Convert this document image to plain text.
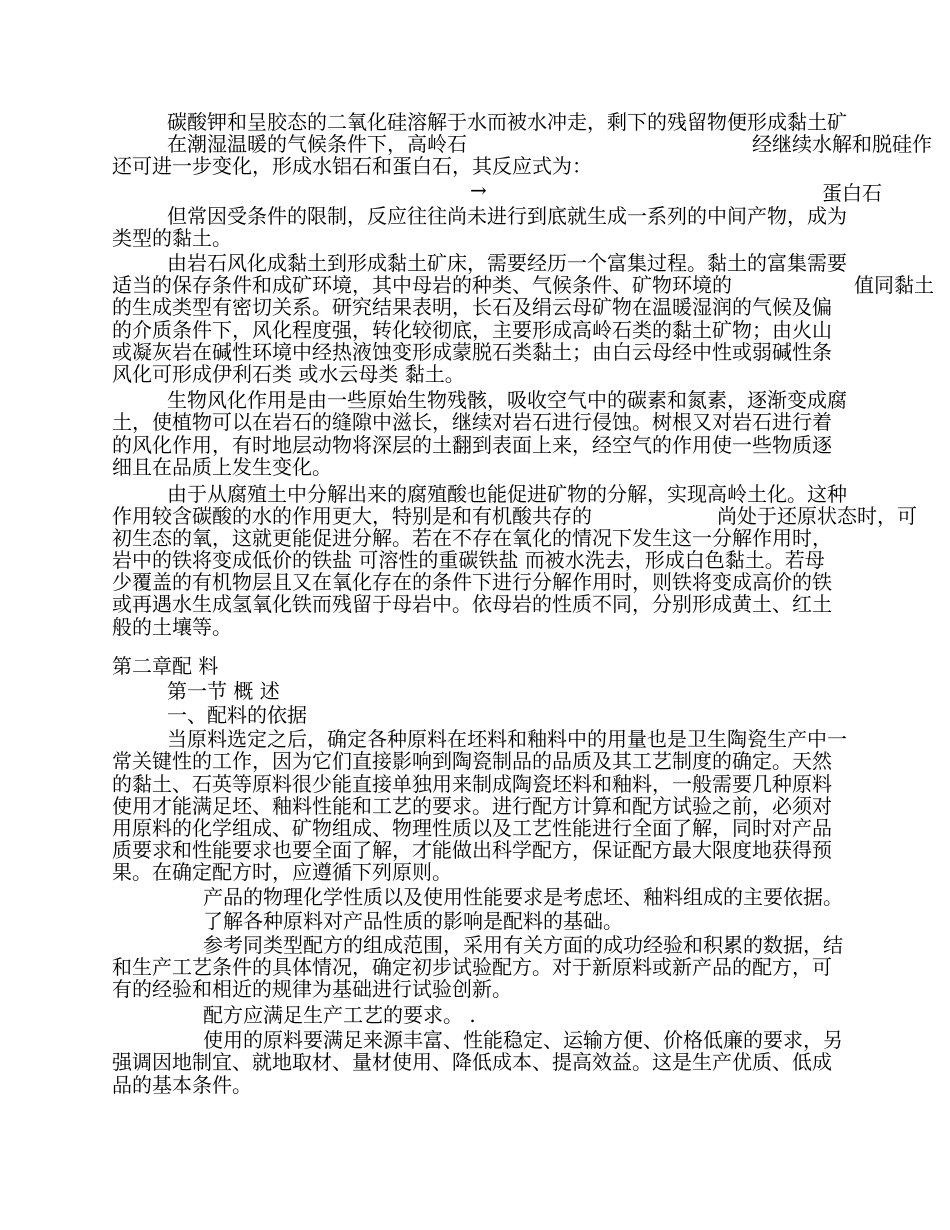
碳酸钾和呈胶态的二氧化硅溶解于水而被水冲走，剩下的残留物便形成黏土矿
在潮湿温暖的气候条件下，高岭石	经继续水解和脱硅作
还可进一步变化，形成水铝石和蛋白石，其反应式为：
→	蛋白石
但常因受条件的限制，反应往往尚未进行到底就生成一系列的中间产物，成为
类型的黏土。
由岩石风化成黏土到形成黏土矿床，需要经历一个富集过程。黏土的富集需要
适当的保存条件和成矿环境，其中母岩的种类、气候条件、矿物环境的	值同黏土
的生成类型有密切关系。研究结果表明，长石及绢云母矿物在温暖湿润的气候及偏
的介质条件下，风化程度强，转化较彻底，主要形成高岭石类的黏土矿物；由火山
或凝灰岩在碱性环境中经热液蚀变形成蒙脱石类黏土；由白云母经中性或弱碱性条
风化可形成伊利石类 或水云母类 黏土。
生物风化作用是由一些原始生物残骸，吸收空气中的碳素和氮素，逐渐变成腐
土，使植物可以在岩石的缝隙中滋长，继续对岩石进行侵蚀。树根又对岩石进行着
的风化作用，有时地层动物将深层的土翻到表面上来，经空气的作用使一些物质逐
细且在品质上发生变化。
由于从腐殖土中分解出来的腐殖酸也能促进矿物的分解，实现高岭土化。这种
作用较含碳酸的水的作用更大，特别是和有机酸共存的	尚处于还原状态时，可
初生态的氧，这就更能促进分解。若在不存在氧化的情况下发生这一分解作用时，
岩中的铁将变成低价的铁盐 可溶性的重碳铁盐 而被水洗去，形成白色黏土。若母
少覆盖的有机物层且又在氧化存在的条件下进行分解作用时，则铁将变成高价的铁
或再遇水生成氢氧化铁而残留于母岩中。依母岩的性质不同，分别形成黄土、红土
般的土壤等。
第二章配 料
第一节 概 述
一、配料的依据
当原料选定之后，确定各种原料在坯料和釉料中的用量也是卫生陶瓷生产中一
常关键性的工作，因为它们直接影响到陶瓷制品的品质及其工艺制度的确定。天然
的黏土、石英等原料很少能直接单独用来制成陶瓷坯料和釉料，一般需要几种原料
使用才能满足坯、釉料性能和工艺的要求。进行配方计算和配方试验之前，必须对
用原料的化学组成、矿物组成、物理性质以及工艺性能进行全面了解，同时对产品
质要求和性能要求也要全面了解，才能做出科学配方，保证配方最大限度地获得预
果。在确定配方时，应遵循下列原则。
产品的物理化学性质以及使用性能要求是考虑坯、釉料组成的主要依据。
了解各种原料对产品性质的影响是配料的基础。
参考同类型配方的组成范围，采用有关方面的成功经验和积累的数据，结
和生产工艺条件的具体情况，确定初步试验配方。对于新原料或新产品的配方，可
有的经验和相近的规律为基础进行试验创新。
配方应满足生产工艺的要求。 .
使用的原料要满足来源丰富、性能稳定、运输方便、价格低廉的要求，另
强调因地制宜、就地取材、量材使用、降低成本、提高效益。这是生产优质、低成
品的基本条件。
